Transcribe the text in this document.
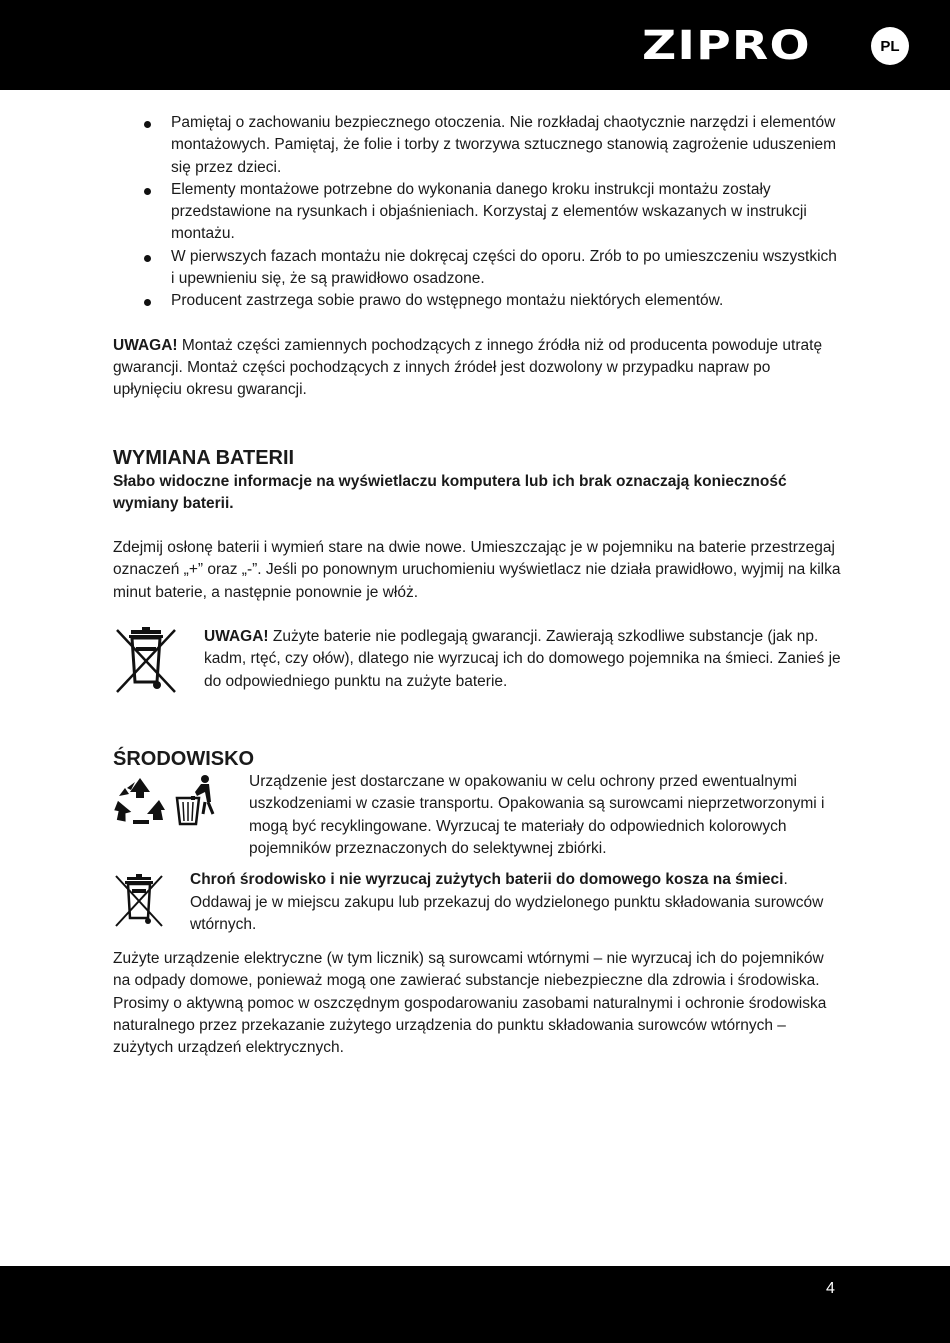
ZIPRO	PL
Pamiętaj o zachowaniu bezpiecznego otoczenia. Nie rozkładaj chaotycznie narzędzi i elementów montażowych. Pamiętaj, że folie i torby z tworzywa sztucznego stanowią zagrożenie uduszeniem się przez dzieci.
Elementy montażowe potrzebne do wykonania danego kroku instrukcji montażu zostały przedstawione na rysunkach i objaśnieniach. Korzystaj z elementów wskazanych w instrukcji montażu.
W pierwszych fazach montażu nie dokręcaj części do oporu. Zrób to po umieszczeniu wszystkich i upewnieniu się, że są prawidłowo osadzone.
Producent zastrzega sobie prawo do wstępnego montażu niektórych elementów.

UWAGA! Montaż części zamiennych pochodzących z innego źródła niż od producenta powoduje utratę gwarancji. Montaż części pochodzących z innych źródeł jest dozwolony w przypadku napraw po upłynięciu okresu gwarancji.

WYMIANA BATERII

Słabo widoczne informacje na wyświetlaczu komputera lub ich brak oznaczają konieczność wymiany baterii.

Zdejmij osłonę baterii i wymień stare na dwie nowe. Umieszczając je w pojemniku na baterie przestrzegaj oznaczeń „+” oraz „-”. Jeśli po ponownym uruchomieniu wyświetlacz nie działa prawidłowo, wyjmij na kilka minut baterie, a następnie ponownie je włóż.

UWAGA! Zużyte baterie nie podlegają gwarancji. Zawierają szkodliwe substancje (jak np. kadm, rtęć, czy ołów), dlatego nie wyrzucaj ich do domowego pojemnika na śmieci. Zanieś je do odpowiedniego punktu na zużyte baterie.

ŚRODOWISKO

Urządzenie jest dostarczane w opakowaniu w celu ochrony przed ewentualnymi uszkodzeniami w czasie transportu. Opakowania są surowcami nieprzetworzonymi i mogą być recyklingowane. Wyrzucaj te materiały do odpowiednich kolorowych pojemników przeznaczonych do selektywnej zbiórki.

Chroń środowisko i nie wyrzucaj zużytych baterii do domowego kosza na śmieci. Oddawaj je w miejscu zakupu lub przekazuj do wydzielonego punktu składowania surowców wtórnych.

Zużyte urządzenie elektryczne (w tym licznik) są surowcami wtórnymi – nie wyrzucaj ich do pojemników na odpady domowe, ponieważ mogą one zawierać substancje niebezpieczne dla zdrowia i środowiska. Prosimy o aktywną pomoc w oszczędnym gospodarowaniu zasobami naturalnymi i ochronie środowiska naturalnego przez przekazanie zużytego urządzenia do punktu składowania surowców wtórnych – zużytych urządzeń elektrycznych.

4
